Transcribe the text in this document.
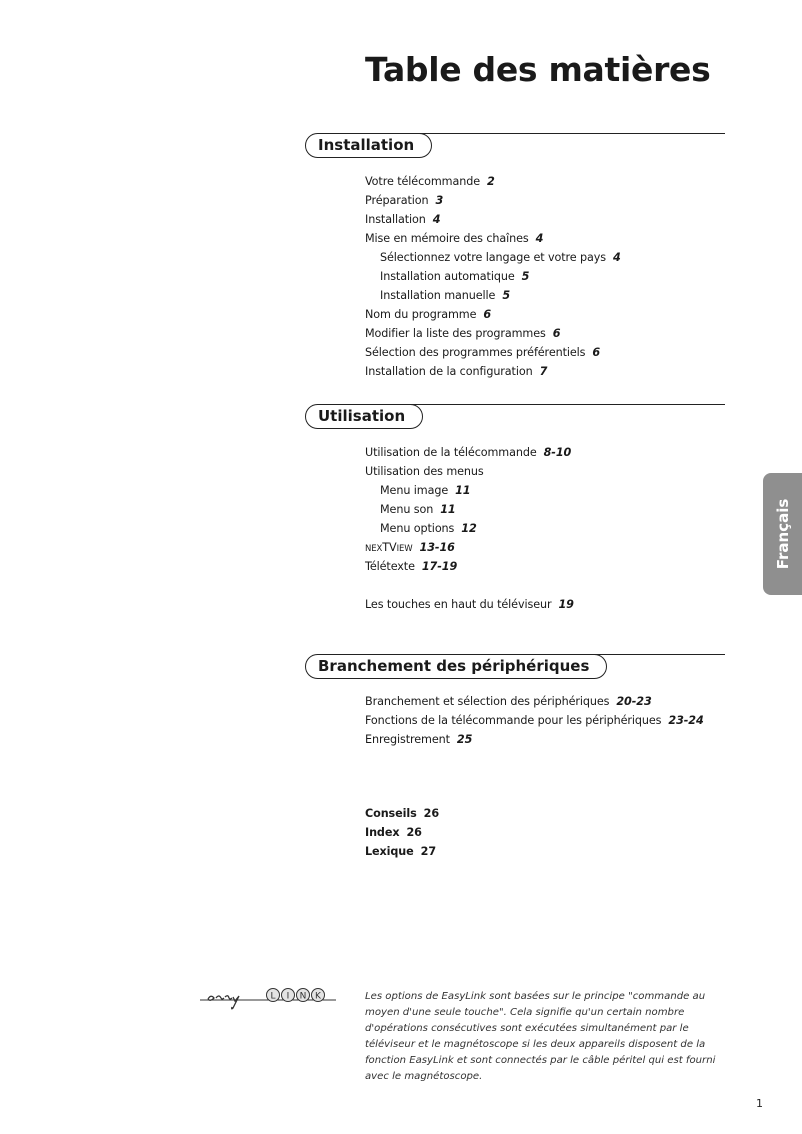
Table des matières
Installation
Votre télécommande 2
Préparation 3
Installation 4
Mise en mémoire des chaînes 4
Sélectionnez votre langage et votre pays 4
Installation automatique 5
Installation manuelle 5
Nom du programme 6
Modifier la liste des programmes 6
Sélection des programmes préférentiels 6
Installation de la configuration 7
Utilisation
Utilisation de la télécommande 8-10
Utilisation des menus
Menu image 11
Menu son 11
Menu options 12
NEXTVIEW 13-16
Télétexte 17-19
Les touches en haut du téléviseur 19
Branchement des périphériques
Branchement et sélection des périphériques 20-23
Fonctions de la télécommande pour les périphériques 23-24
Enregistrement 25
Conseils 26
Index 26
Lexique 27
Français
L I N K	Les options de EasyLink sont basées sur le principe "commande au moyen d'une seule touche". Cela signifie qu'un certain nombre d'opérations consécutives sont exécutées simultanément par le téléviseur et le magnétoscope si les deux appareils disposent de la fonction EasyLink et sont connectés par le câble péritel qui est fourni avec le magnétoscope.

1
